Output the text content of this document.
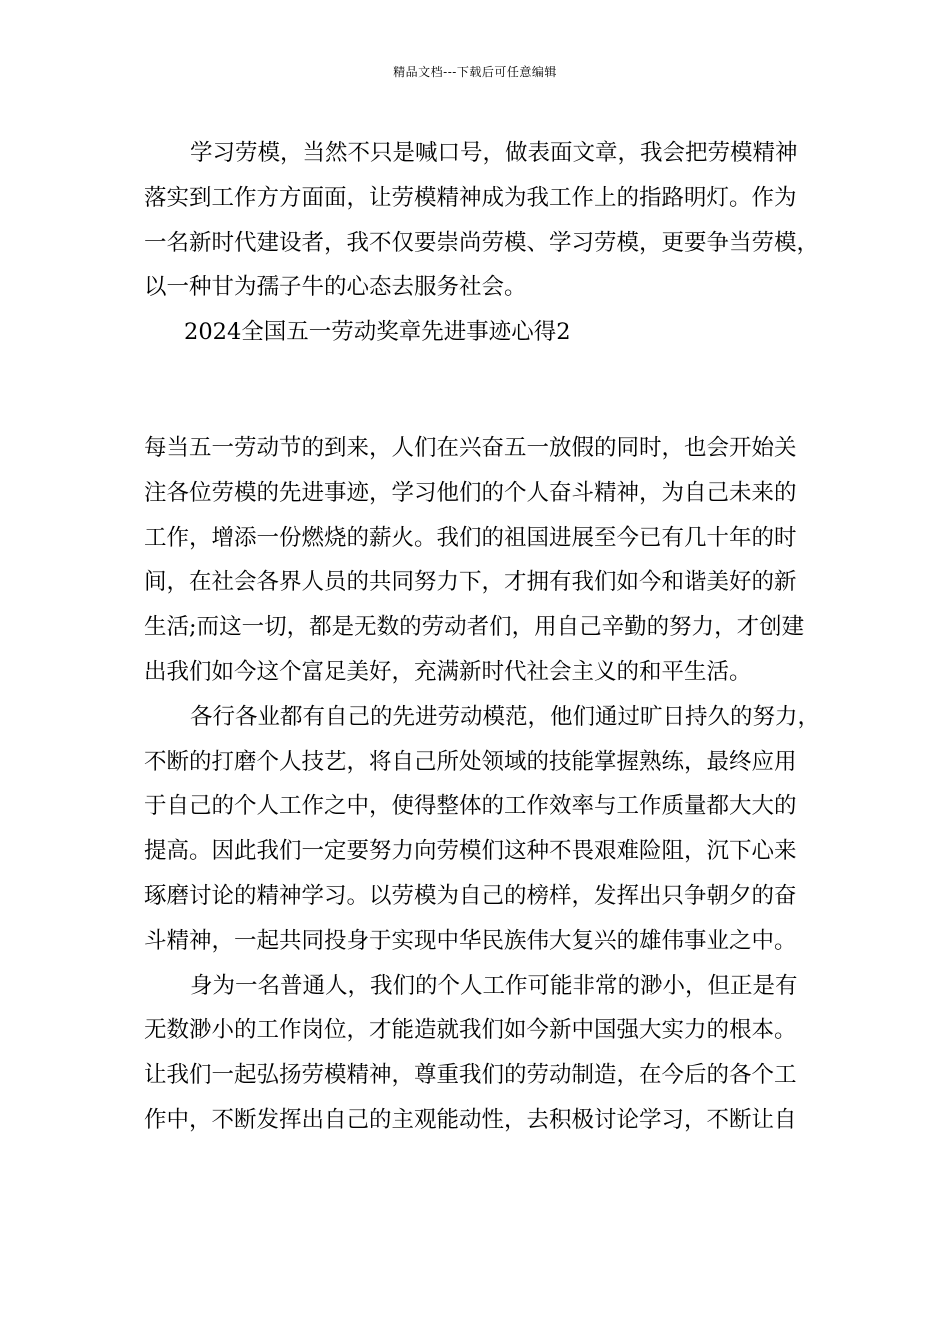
精品文档---下载后可任意编辑

学习劳模，当然不只是喊口号，做表面文章，我会把劳模精神
落实到工作方方面面，让劳模精神成为我工作上的指路明灯。作为
一名新时代建设者，我不仅要崇尚劳模、学习劳模，更要争当劳模，
以一种甘为孺子牛的心态去服务社会。

2024全国五一劳动奖章先进事迹心得2

每当五一劳动节的到来，人们在兴奋五一放假的同时，也会开始关
注各位劳模的先进事迹，学习他们的个人奋斗精神，为自己未来的
工作，增添一份燃烧的薪火。我们的祖国进展至今已有几十年的时
间，在社会各界人员的共同努力下，才拥有我们如今和谐美好的新
生活;而这一切，都是无数的劳动者们，用自己辛勤的努力，才创建
出我们如今这个富足美好，充满新时代社会主义的和平生活。

各行各业都有自己的先进劳动模范，他们通过旷日持久的努力，
不断的打磨个人技艺，将自己所处领域的技能掌握熟练，最终应用
于自己的个人工作之中，使得整体的工作效率与工作质量都大大的
提高。因此我们一定要努力向劳模们这种不畏艰难险阻，沉下心来
琢磨讨论的精神学习。以劳模为自己的榜样，发挥出只争朝夕的奋
斗精神，一起共同投身于实现中华民族伟大复兴的雄伟事业之中。

身为一名普通人，我们的个人工作可能非常的渺小，但正是有
无数渺小的工作岗位，才能造就我们如今新中国强大实力的根本。
让我们一起弘扬劳模精神，尊重我们的劳动制造，在今后的各个工
作中，不断发挥出自己的主观能动性，去积极讨论学习，不断让自
